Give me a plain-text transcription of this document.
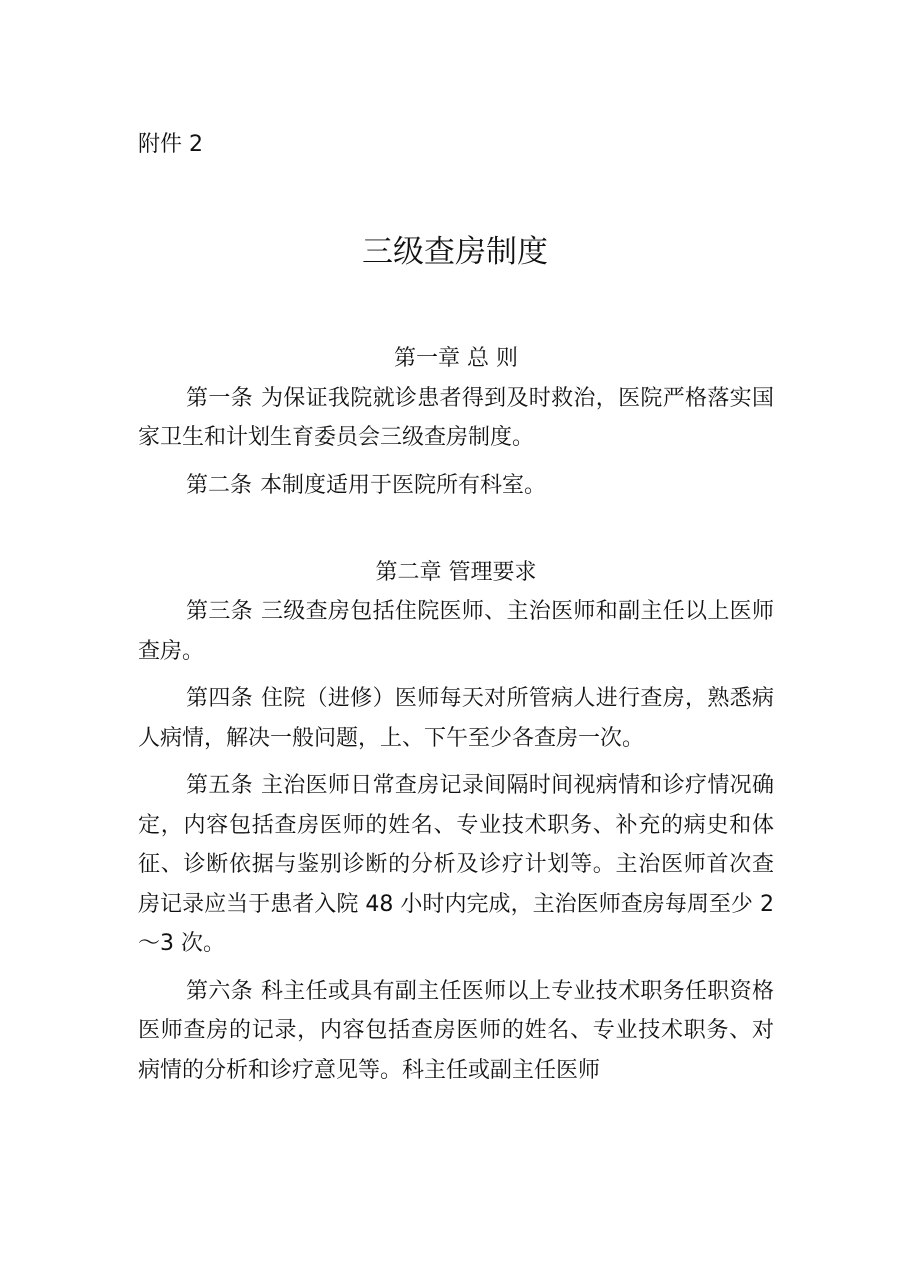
附件 2
三级查房制度
第一章 总 则

第一条 为保证我院就诊患者得到及时救治，医院严格落实国家卫生和计划生育委员会三级查房制度。

第二条 本制度适用于医院所有科室。

第二章 管理要求

第三条 三级查房包括住院医师、主治医师和副主任以上医师查房。

第四条 住院（进修）医师每天对所管病人进行查房，熟悉病人病情，解决一般问题，上、下午至少各查房一次。

第五条 主治医师日常查房记录间隔时间视病情和诊疗情况确定，内容包括查房医师的姓名、专业技术职务、补充的病史和体征、诊断依据与鉴别诊断的分析及诊疗计划等。主治医师首次查房记录应当于患者入院 48 小时内完成，主治医师查房每周至少 2～3 次。

第六条 科主任或具有副主任医师以上专业技术职务任职资格医师查房的记录，内容包括查房医师的姓名、专业技术职务、对病情的分析和诊疗意见等。科主任或副主任医师
